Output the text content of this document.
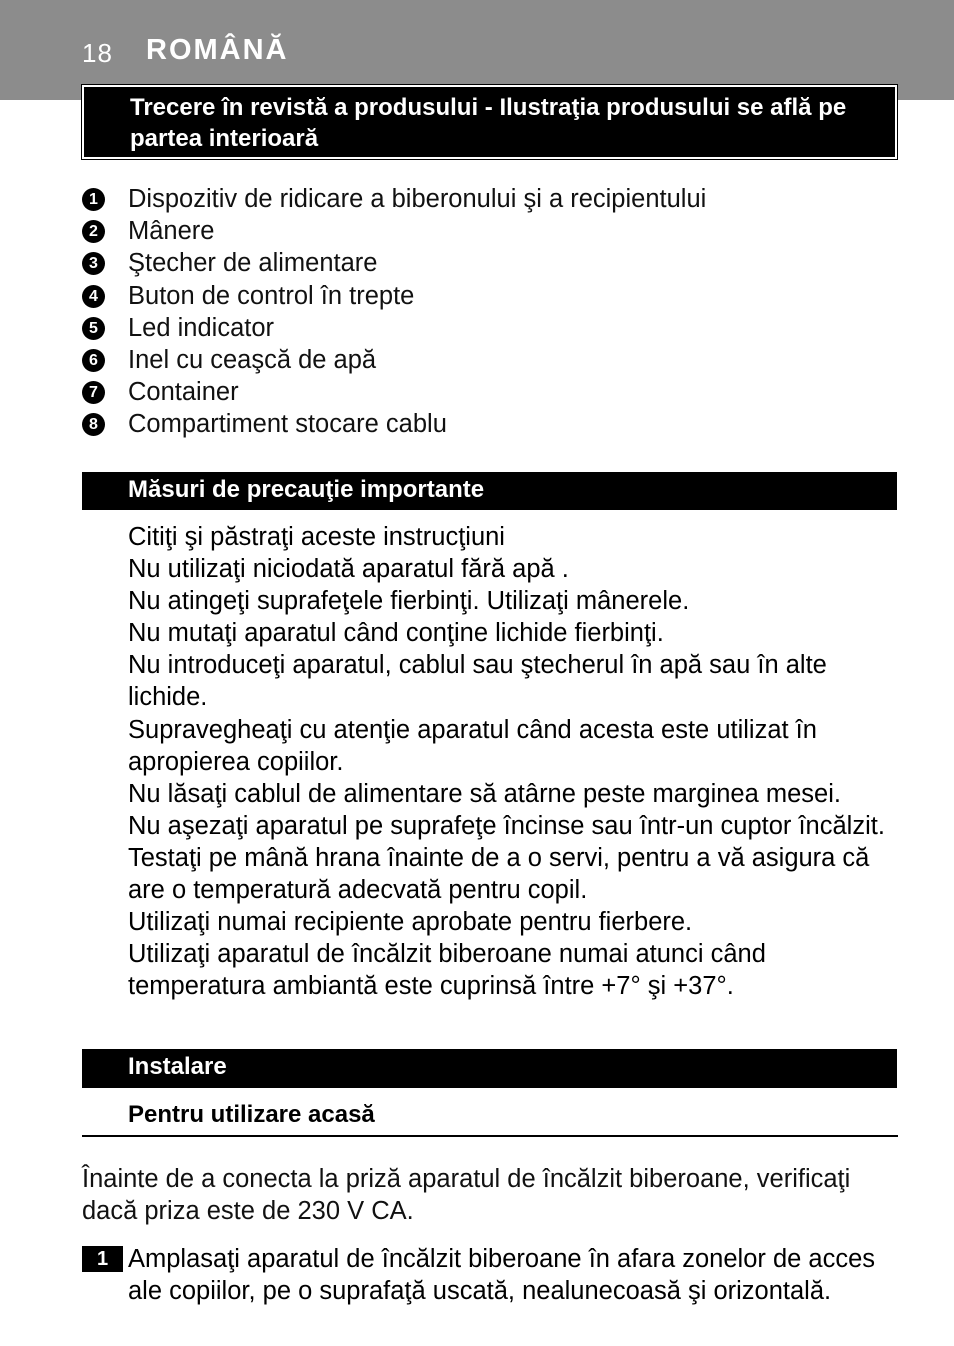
18 ROMÂNĂ
Trecere în revistă a produsului - Ilustraţia produsului se află pe partea interioară
1 Dispozitiv de ridicare a biberonului şi a recipientului
2 Mânere
3 Ştecher de alimentare
4 Buton de control în trepte
5 Led indicator
6 Inel cu ceaşcă de apă
7 Container
8 Compartiment stocare cablu
Măsuri de precauţie importante

Citiţi şi păstraţi aceste instrucţiuni

Nu utilizaţi niciodată aparatul fără apă .

Nu atingeţi suprafeţele fierbinţi. Utilizaţi mânerele.

Nu mutaţi aparatul când conţine lichide fierbinţi.

Nu introduceţi aparatul, cablul sau ştecherul în apă sau în alte lichide.

Supravegheaţi cu atenţie aparatul când acesta este utilizat în apropierea copiilor.

Nu lăsaţi cablul de alimentare să atârne peste marginea mesei.

Nu aşezaţi aparatul pe suprafeţe încinse sau într-un cuptor încălzit.

Testaţi pe mână hrana înainte de a o servi, pentru a vă asigura că are o temperatură adecvată pentru copil.

Utilizaţi numai recipiente aprobate pentru fierbere.

Utilizaţi aparatul de încălzit biberoane numai atunci când temperatura ambiantă este cuprinsă între +7° şi +37°.

Instalare
Pentru utilizare acasă
Înainte de a conecta la priză aparatul de încălzit biberoane, verificaţi dacă priza este de 230 V CA.
1 Amplasaţi aparatul de încălzit biberoane în afara zonelor de acces ale copiilor, pe o suprafaţă uscată, nealunecoasă şi orizontală.
